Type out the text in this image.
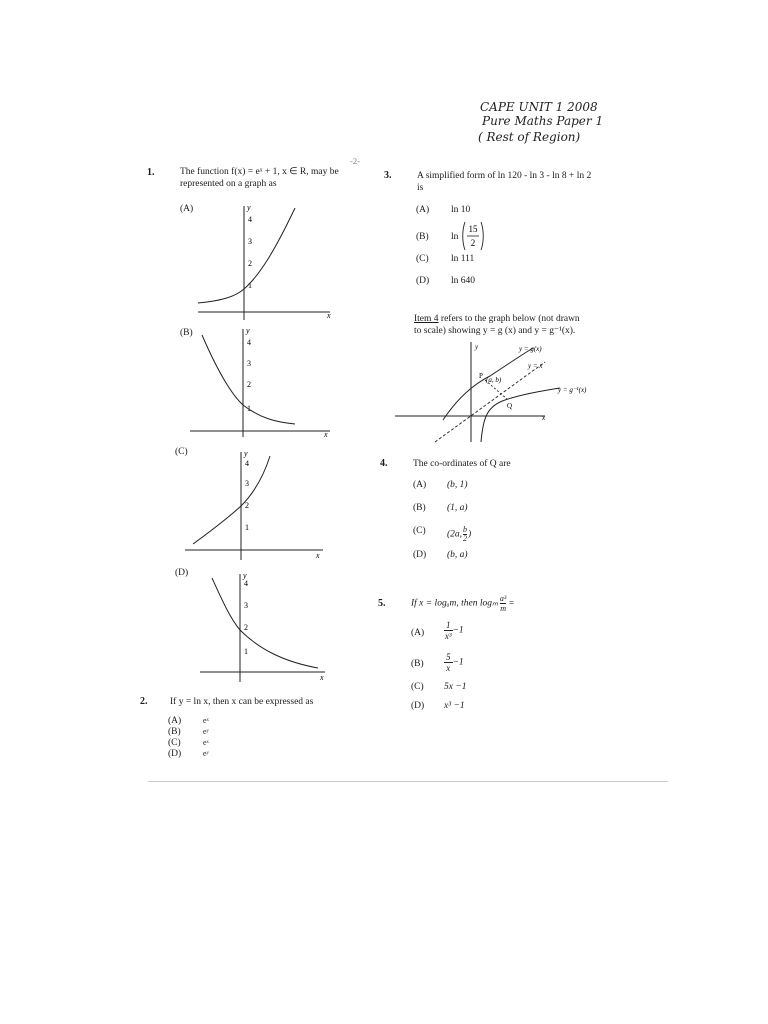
CAPE UNIT 1 2008
Pure Maths Paper 1
( Rest of Region)
-2-
1.	The function f(x) = eˣ + 1, x ∈ R, may be
represented on a graph as
(A)
x
y
4
3
2
1
(B)
x
y
4
3
2
1
(C)
x
y
4
3
2
1
(D)
x
y
4
3
2
1
2. If y = ln x, then x can be expressed as
(A)	eˣ
(B)	eʸ
(C)	eˣ
(D)	eʸ
3.	A simplified form of ln 120 - ln 3 - ln 8 + ln 2
is
(A) ln 10
(B) ln
15
2
(C) ln 111
(D) ln 640
Item 4 refers to the graph below (not drawn
to scale) showing y = g (x) and y = g⁻¹(x).
x
y
P (a, b)
Q
y = g(x)
y = x
y = g⁻¹(x)
4.	The co-ordinates of Q are
(A) (b, 1)
(B) (1, a)
(C) (2a, $\frac{b}{2}$ )
(D) (b, a)
5.	If x = logₐm, then logₘ $\frac{\text{a³}}{m}$ =
$(A) \frac{1}{\text{x³}} -1$
$(B) \frac{5}{x} -1$
(C) 5x −1
(D) x³ −1
